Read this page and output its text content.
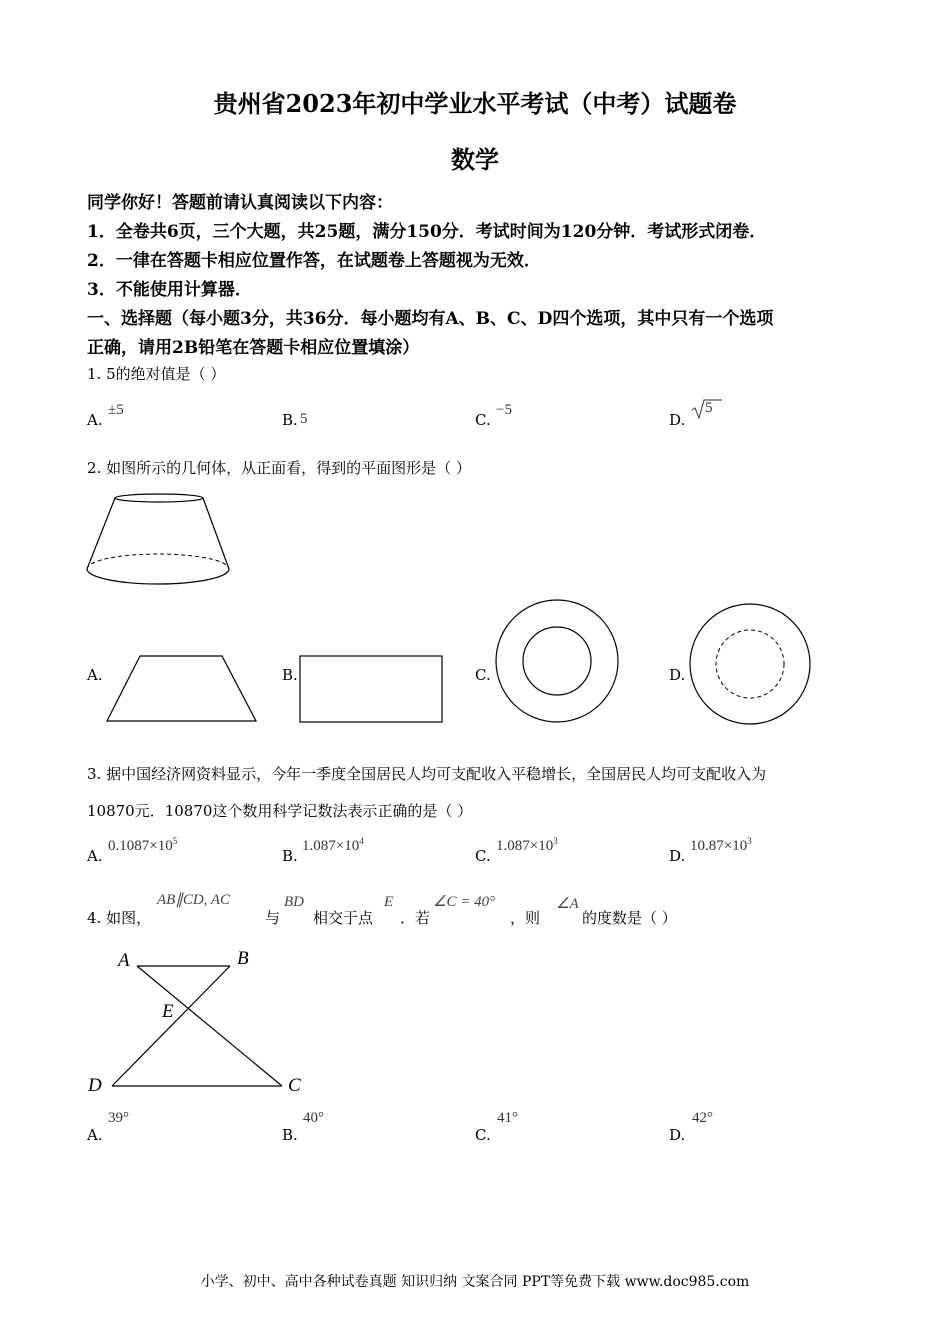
贵州省2023年初中学业水平考试（中考）试题卷
数学
同学你好！答题前请认真阅读以下内容：
1．全卷共6页，三个大题，共25题，满分150分．考试时间为120分钟．考试形式闭卷．
2．一律在答题卡相应位置作答，在试题卷上答题视为无效．
3．不能使用计算器．
一、选择题（每小题3分，共36分．每小题均有A、B、C、D四个选项，其中只有一个选项
正确，请用2B铅笔在答题卡相应位置填涂）
1. 5的绝对值是（ ）
A.
±5
B. 5	C.
−5
D.
5
2. 如图所示的几何体，从正面看，得到的平面图形是（ ）
A.	B.	C.	D.
3. 据中国经济网资料显示，今年一季度全国居民人均可支配收入平稳增长，全国居民人均可支配收入为
10870元．10870这个数用科学记数法表示正确的是（ ）
A.
$0.1087\times 10^5$
B.
$1.087\times 10^4$
C.
$1.087\times 10^3$
D.
$10.87\times 10^3$
4. 如图，
AB∥CD, AC
与
BD
相交于点
E
．若
∠C = 40°
，则
∠A
的度数是（ ）
A	B
E
D	C
A.
39°
B.
40°
C.
41°
D.
42°
小学、初中、高中各种试卷真题 知识归纳 文案合同 PPT等免费下载 www.doc985.com
